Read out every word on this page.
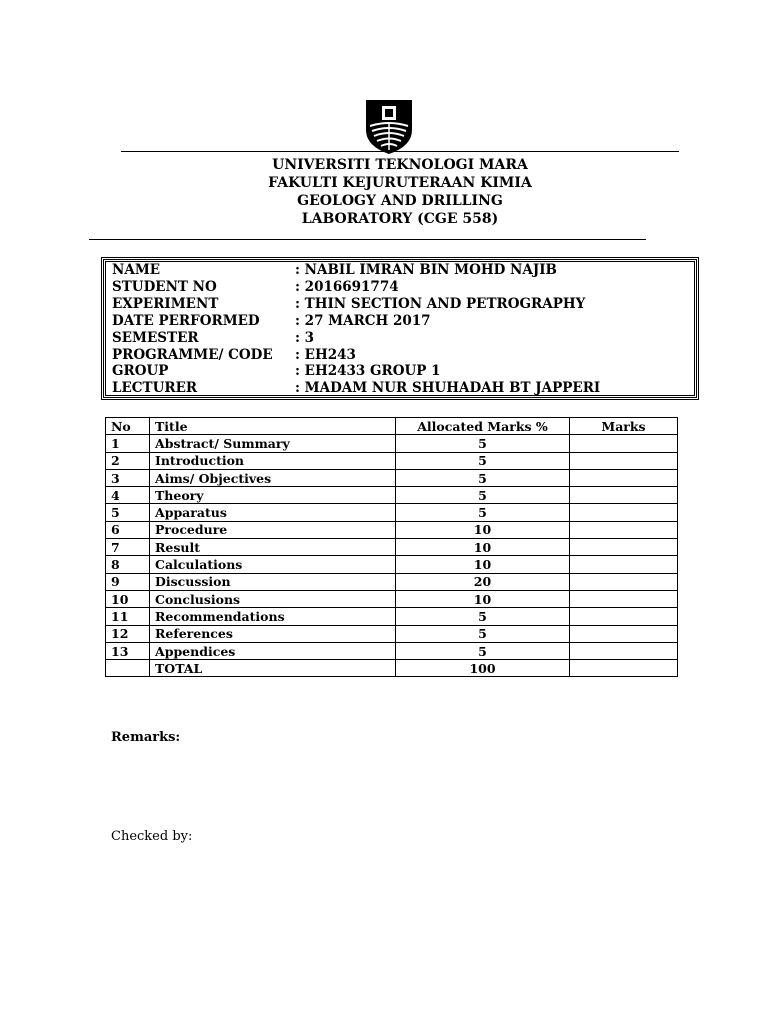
UNIVERSITI TEKNOLOGI MARA
FAKULTI KEJURUTERAAN KIMIA
GEOLOGY AND DRILLING
LABORATORY (CGE 558)
NAME	: NABIL IMRAN BIN MOHD NAJIB
STUDENT NO	: 2016691774
EXPERIMENT	: THIN SECTION AND PETROGRAPHY
DATE PERFORMED	: 27 MARCH 2017
SEMESTER	: 3
PROGRAMME/ CODE : EH243
GROUP	: EH2433 GROUP 1
LECTURER	: MADAM NUR SHUHADAH BT JAPPERI
No	Title	Allocated Marks %	Marks
1	Abstract/ Summary	5	
2	Introduction	5	
3	Aims/ Objectives	5	
4	Theory	5	
5	Apparatus	5	
6	Procedure	10	
7	Result	10	
8	Calculations	10	
9	Discussion	20	
10	Conclusions	10	
11	Recommendations	5	
12	References	5	
13	Appendices	5	
	TOTAL	100	
Remarks:
Checked by:
